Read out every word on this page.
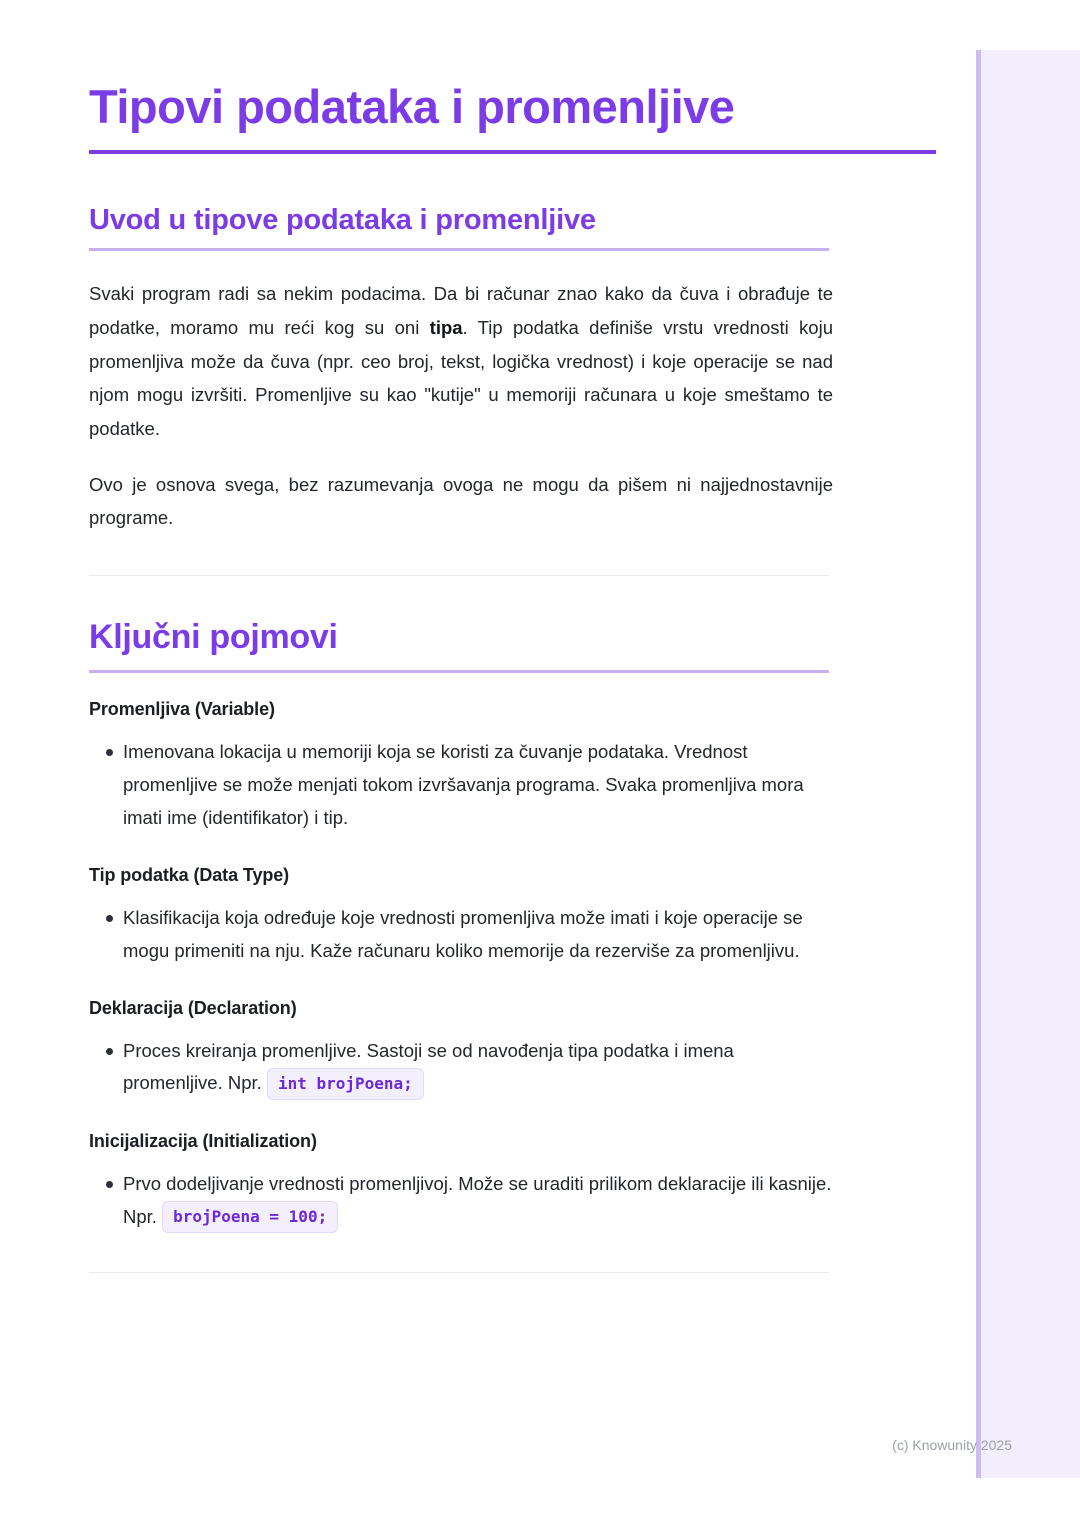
Tipovi podataka i promenljive
Uvod u tipove podataka i promenljive

Svaki program radi sa nekim podacima. Da bi računar znao kako da čuva i obrađuje te podatke, moramo mu reći kog su oni tipa. Tip podatka definiše vrstu vrednosti koju promenljiva može da čuva (npr. ceo broj, tekst, logička vrednost) i koje operacije se nad njom mogu izvršiti. Promenljive su kao "kutije" u memoriji računara u koje smeštamo te podatke.

Ovo je osnova svega, bez razumevanja ovoga ne mogu da pišem ni najjednostavnije programe.

Ključni pojmovi
Promenljiva (Variable)
Imenovana lokacija u memoriji koja se koristi za čuvanje podataka. Vrednost promenljive se može menjati tokom izvršavanja programa. Svaka promenljiva mora imati ime (identifikator) i tip.
Tip podatka (Data Type)
Klasifikacija koja određuje koje vrednosti promenljiva može imati i koje operacije se mogu primeniti na nju. Kaže računaru koliko memorije da rezerviše za promenljivu.
Deklaracija (Declaration)
Proces kreiranja promenljive. Sastoji se od navođenja tipa podatka i imena promenljive. Npr. int brojPoena;
Inicijalizacija (Initialization)
Prvo dodeljivanje vrednosti promenljivoj. Može se uraditi prilikom deklaracije ili kasnije. Npr. brojPoena = 100;
(c) Knowunity 2025
